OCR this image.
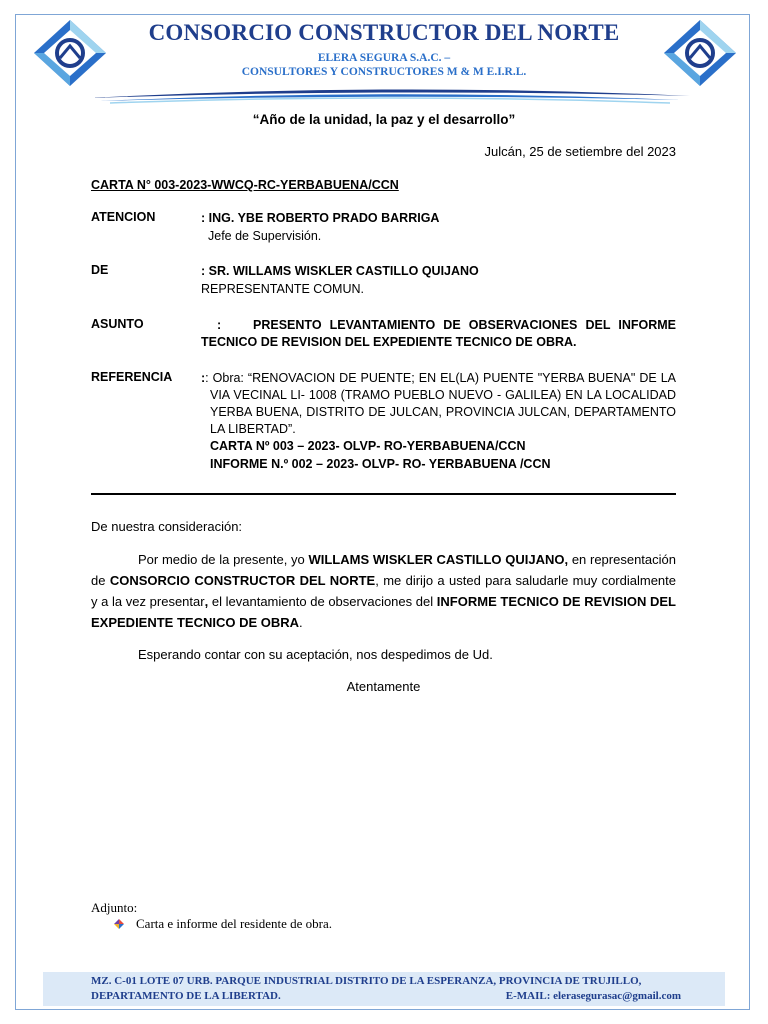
CONSORCIO CONSTRUCTOR DEL NORTE
ELERA SEGURA S.A.C. –
CONSULTORES Y CONSTRUCTORES M & M E.I.R.L.
“Año de la unidad, la paz y el desarrollo”
Julcán, 25 de setiembre del 2023
CARTA N° 003-2023-WWCQ-RC-YERBABUENA/CCN
ATENCION	: ING. YBE ROBERTO PRADO BARRIGA
Jefe de Supervisión.
DE	: SR. WILLAMS WISKLER CASTILLO QUIJANO
REPRESENTANTE COMUN.
ASUNTO	:	PRESENTO LEVANTAMIENTO DE OBSERVACIONES DEL INFORME TECNICO DE REVISION DEL EXPEDIENTE TECNICO DE OBRA.
REFERENCIA :: Obra: “RENOVACION DE PUENTE; EN EL(LA) PUENTE "YERBA BUENA" DE LA VIA VECINAL LI- 1008 (TRAMO PUEBLO NUEVO - GALILEA) EN LA LOCALIDAD YERBA BUENA, DISTRITO DE JULCAN, PROVINCIA JULCAN, DEPARTAMENTO LA LIBERTAD”.
CARTA Nº 003 – 2023- OLVP- RO-YERBABUENA/CCN
INFORME N.º 002 – 2023- OLVP- RO- YERBABUENA /CCN
De nuestra consideración:
Por medio de la presente, yo WILLAMS WISKLER CASTILLO QUIJANO, en representación de CONSORCIO CONSTRUCTOR DEL NORTE, me dirijo a usted para saludarle muy cordialmente y a la vez presentar, el levantamiento de observaciones del INFORME TECNICO DE REVISION DEL EXPEDIENTE TECNICO DE OBRA.
Esperando contar con su aceptación, nos despedimos de Ud.
Atentamente
Adjunto:
Carta e informe del residente de obra.
MZ. C-01 LOTE 07 URB. PARQUE INDUSTRIAL DISTRITO DE LA ESPERANZA, PROVINCIA DE TRUJILLO,
DEPARTAMENTO DE LA LIBERTAD.	E-MAIL: elerasegurasac@gmail.com
